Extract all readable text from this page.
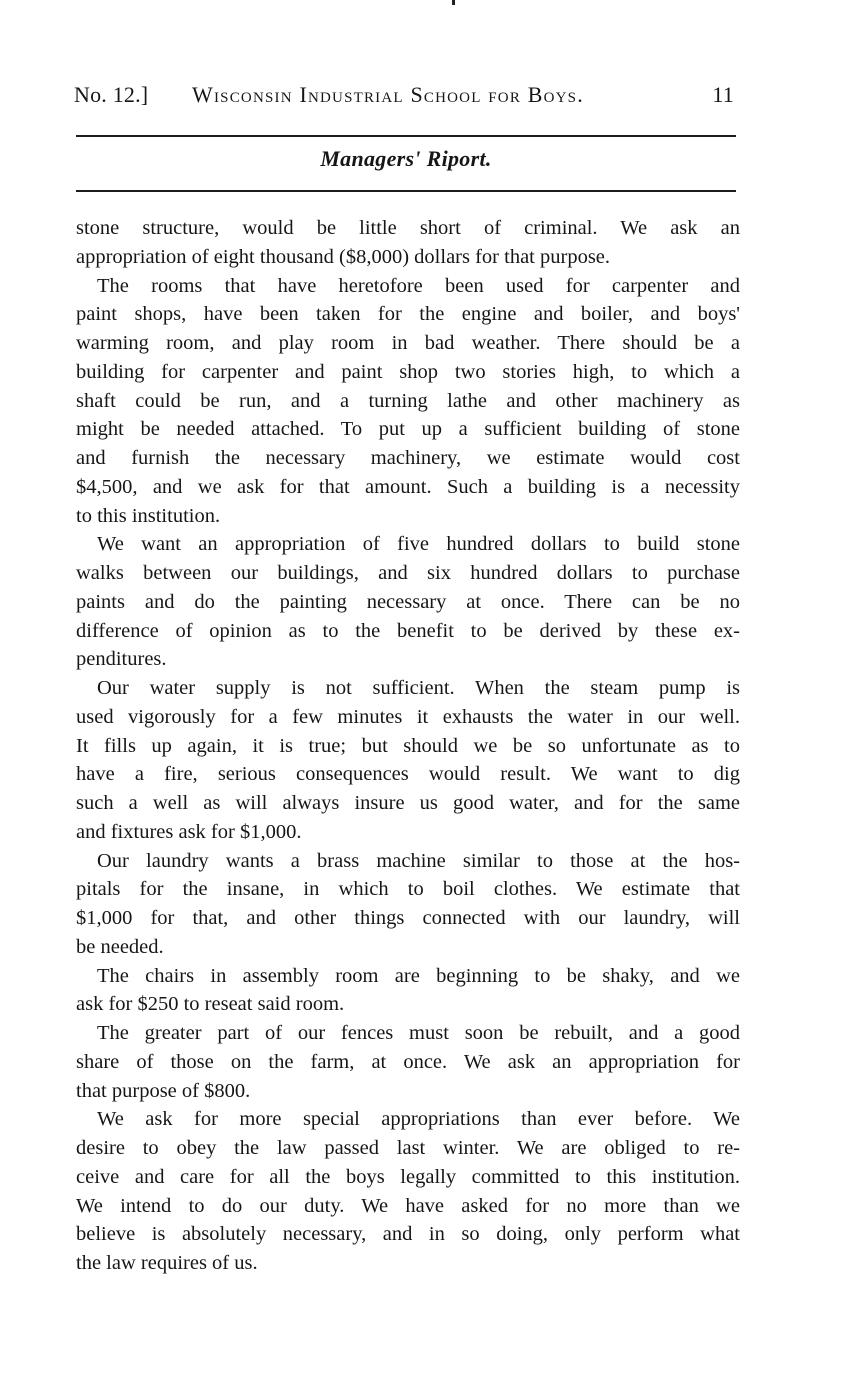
No. 12.] Wisconsin Industrial School for Boys.	11
Managers' Riport.
stone structure, would be little short of criminal. We ask an
appropriation of eight thousand ($8,000) dollars for that purpose.
The rooms that have heretofore been used for carpenter and
paint shops, have been taken for the engine and boiler, and boys'
warming room, and play room in bad weather. There should be a
building for carpenter and paint shop two stories high, to which a
shaft could be run, and a turning lathe and other machinery as
might be needed attached. To put up a sufficient building of stone
and furnish the necessary machinery, we estimate would cost
$4,500, and we ask for that amount. Such a building is a necessity
to this institution.
We want an appropriation of five hundred dollars to build stone
walks between our buildings, and six hundred dollars to purchase
paints and do the painting necessary at once. There can be no
difference of opinion as to the benefit to be derived by these ex-
penditures.
Our water supply is not sufficient. When the steam pump is
used vigorously for a few minutes it exhausts the water in our well.
It fills up again, it is true; but should we be so unfortunate as to
have a fire, serious consequences would result. We want to dig
such a well as will always insure us good water, and for the same
and fixtures ask for $1,000.
Our laundry wants a brass machine similar to those at the hos-
pitals for the insane, in which to boil clothes. We estimate that
$1,000 for that, and other things connected with our laundry, will
be needed.
The chairs in assembly room are beginning to be shaky, and we
ask for $250 to reseat said room.
The greater part of our fences must soon be rebuilt, and a good
share of those on the farm, at once. We ask an appropriation for
that purpose of $800.
We ask for more special appropriations than ever before. We
desire to obey the law passed last winter. We are obliged to re-
ceive and care for all the boys legally committed to this institution.
We intend to do our duty. We have asked for no more than we
believe is absolutely necessary, and in so doing, only perform what
the law requires of us.
